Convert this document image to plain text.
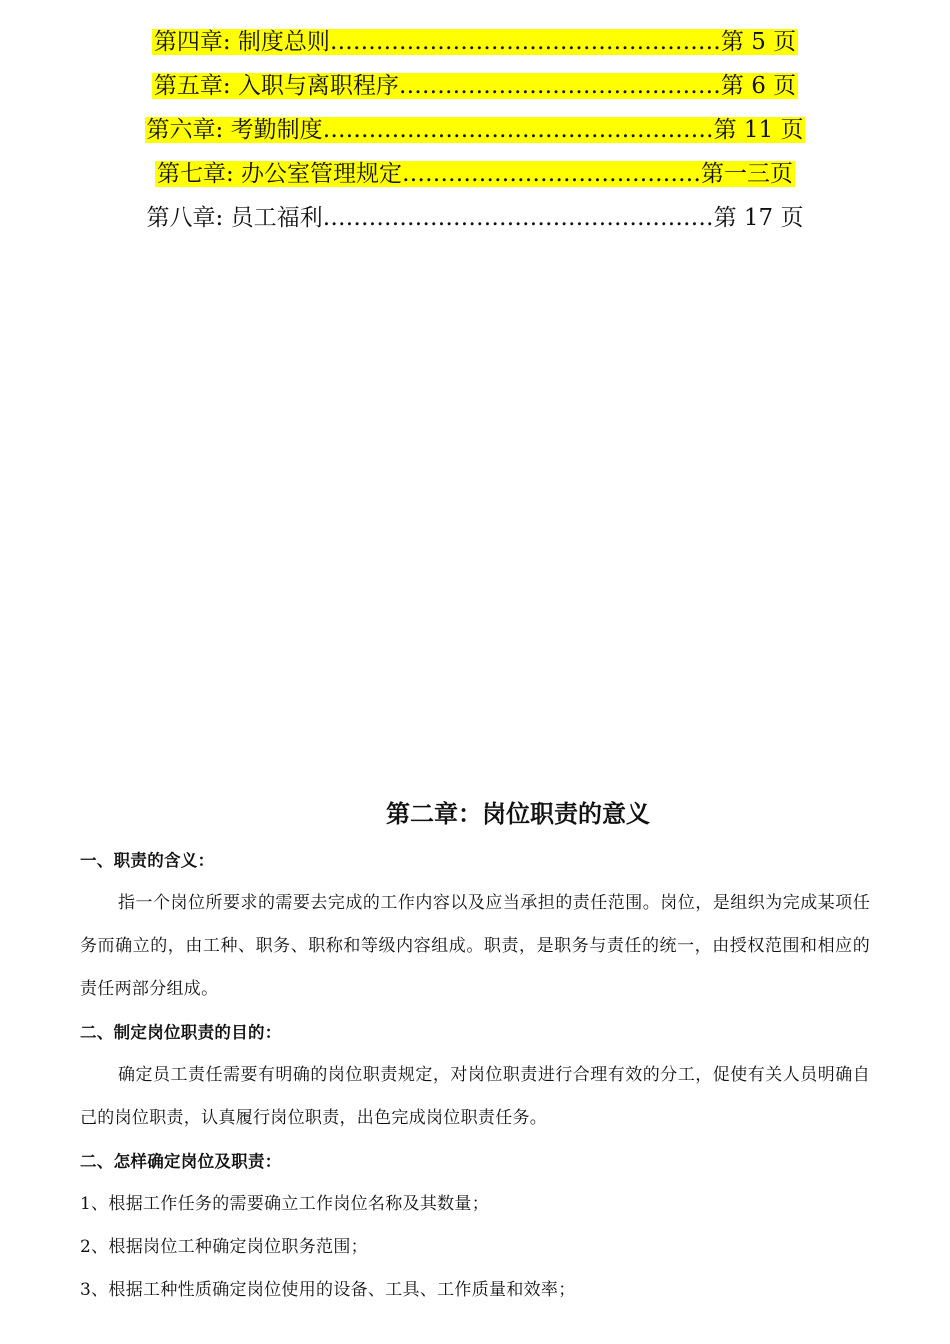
第四章: 制度总则……………………………………………第 5 页
第五章: 入职与离职程序……………………………………第 6 页
第六章: 考勤制度……………………………………………第 11 页
第七章: 办公室管理规定…………………………………第一三页
第八章: 员工福利……………………………………………第 17 页
第二章：岗位职责的意义
一、职责的含义：
指一个岗位所要求的需要去完成的工作内容以及应当承担的责任范围。岗位，是组织为完成某项任务而确立的，由工种、职务、职称和等级内容组成。职责，是职务与责任的统一，由授权范围和相应的责任两部分组成。
二、制定岗位职责的目的：
确定员工责任需要有明确的岗位职责规定，对岗位职责进行合理有效的分工，促使有关人员明确自己的岗位职责，认真履行岗位职责，出色完成岗位职责任务。
二、怎样确定岗位及职责：
1、根据工作任务的需要确立工作岗位名称及其数量；
2、根据岗位工种确定岗位职务范围；
3、根据工种性质确定岗位使用的设备、工具、工作质量和效率；
